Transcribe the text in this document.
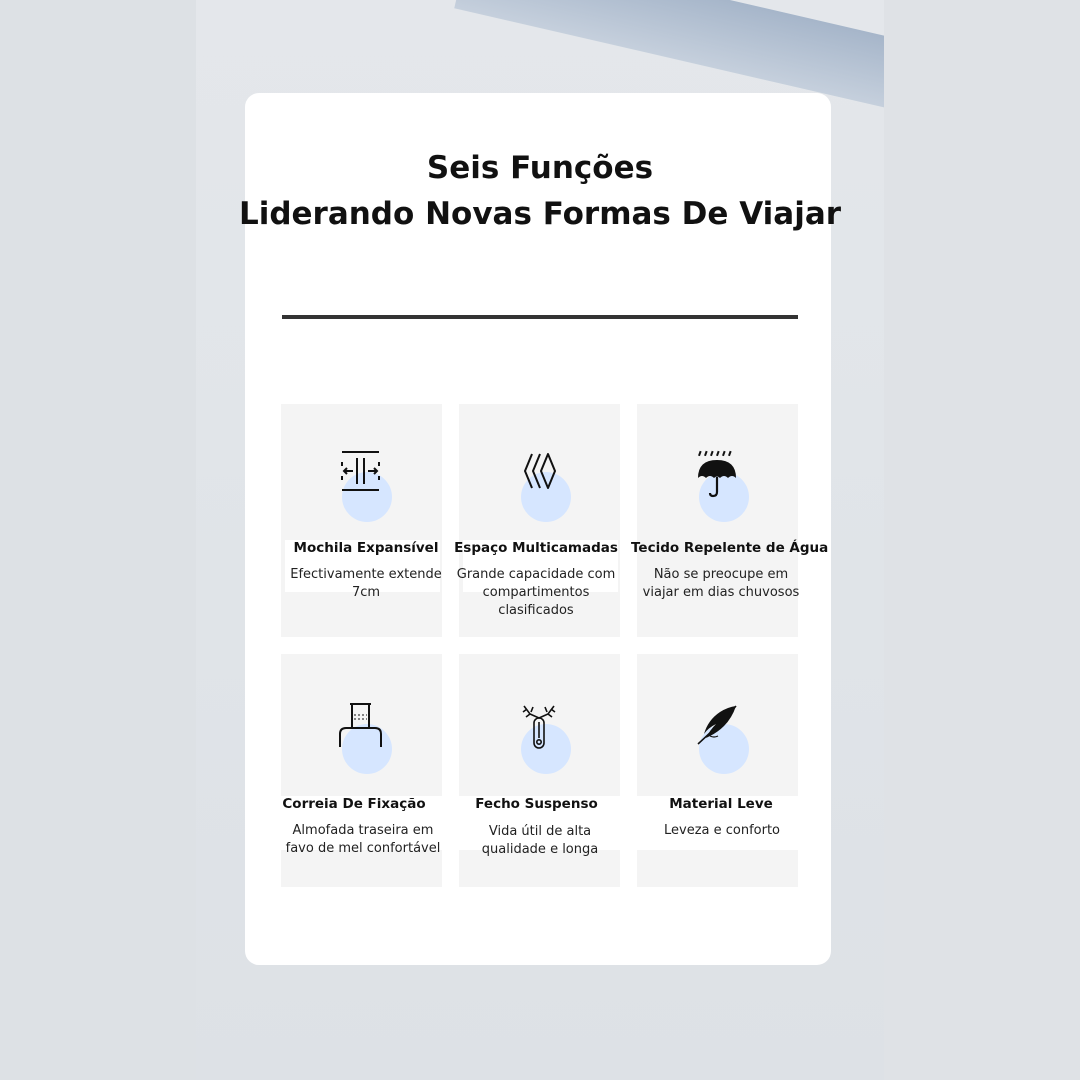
Seis Funções
Liderando Novas Formas De Viajar
Mochila Expansível
Efectivamente extende 7cm
Espaço Multicamadas
Grande capacidade com compartimentos clasificados
Tecido Repelente de Água
Não se preocupe em viajar em dias chuvosos
Correia De Fixação
Almofada traseira em favo de mel confortável
Fecho Suspenso
Vida útil de alta qualidade e longa
Material Leve
Leveza e conforto
